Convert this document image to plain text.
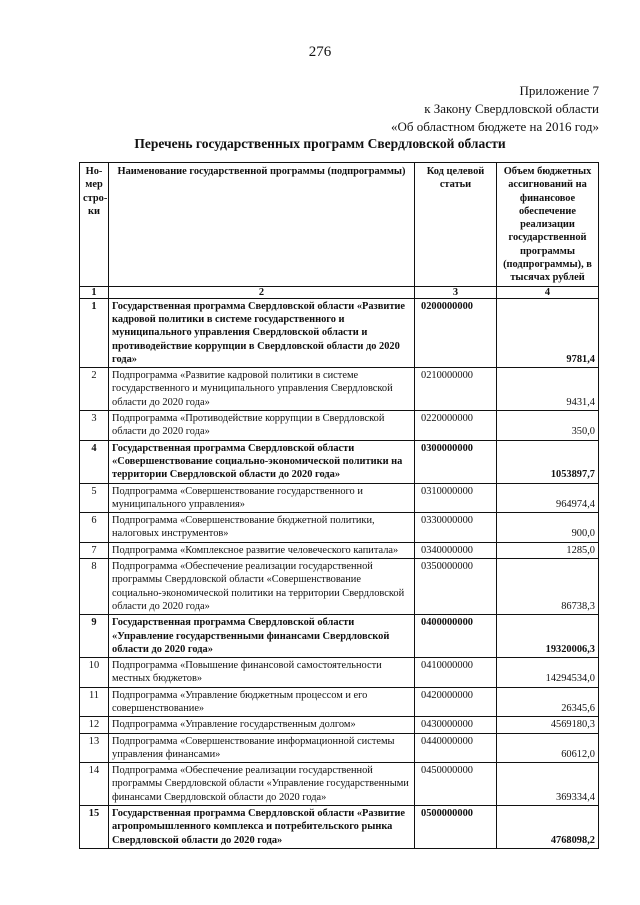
276
Приложение 7
к Закону Свердловской области
«Об областном бюджете на 2016 год»
Перечень государственных программ Свердловской области
Но-мер стро-ки	Наименование государственной программы (подпрограммы)	Код целевой статьи	Объем бюджетных ассигнований на финансовое обеспечение реализации государственной программы (подпрограммы), в тысячах рублей
1	2	3	4
1	Государственная программа Свердловской области «Развитие кадровой политики в системе государственного и муниципального управления Свердловской области и противодействие коррупции в Свердловской области до 2020 года»	0200000000	9781,4
2	Подпрограмма «Развитие кадровой политики в системе государственного и муниципального управления Свердловской области до 2020 года»	0210000000	9431,4
3	Подпрограмма «Противодействие коррупции в Свердловской области до 2020 года»	0220000000	350,0
4	Государственная программа Свердловской области «Совершенствование социально-экономической политики на территории Свердловской области до 2020 года»	0300000000	1053897,7
5	Подпрограмма «Совершенствование государственного и муниципального управления»	0310000000	964974,4
6	Подпрограмма «Совершенствование бюджетной политики, налоговых инструментов»	0330000000	900,0
7	Подпрограмма «Комплексное развитие человеческого капитала»	0340000000	1285,0
8	Подпрограмма «Обеспечение реализации государственной программы Свердловской области «Совершенствование социально-экономической политики на территории Свердловской области до 2020 года»	0350000000	86738,3
9	Государственная программа Свердловской области «Управление государственными финансами Свердловской области до 2020 года»	0400000000	19320006,3
10	Подпрограмма «Повышение финансовой самостоятельности местных бюджетов»	0410000000	14294534,0
11	Подпрограмма «Управление бюджетным процессом и его совершенствование»	0420000000	26345,6
12	Подпрограмма «Управление государственным долгом»	0430000000	4569180,3
13	Подпрограмма «Совершенствование информационной системы управления финансами»	0440000000	60612,0
14	Подпрограмма «Обеспечение реализации государственной программы Свердловской области «Управление государственными финансами Свердловской области до 2020 года»	0450000000	369334,4
15	Государственная программа Свердловской области «Развитие агропромышленного комплекса и потребительского рынка Свердловской области до 2020 года»	0500000000	4768098,2
